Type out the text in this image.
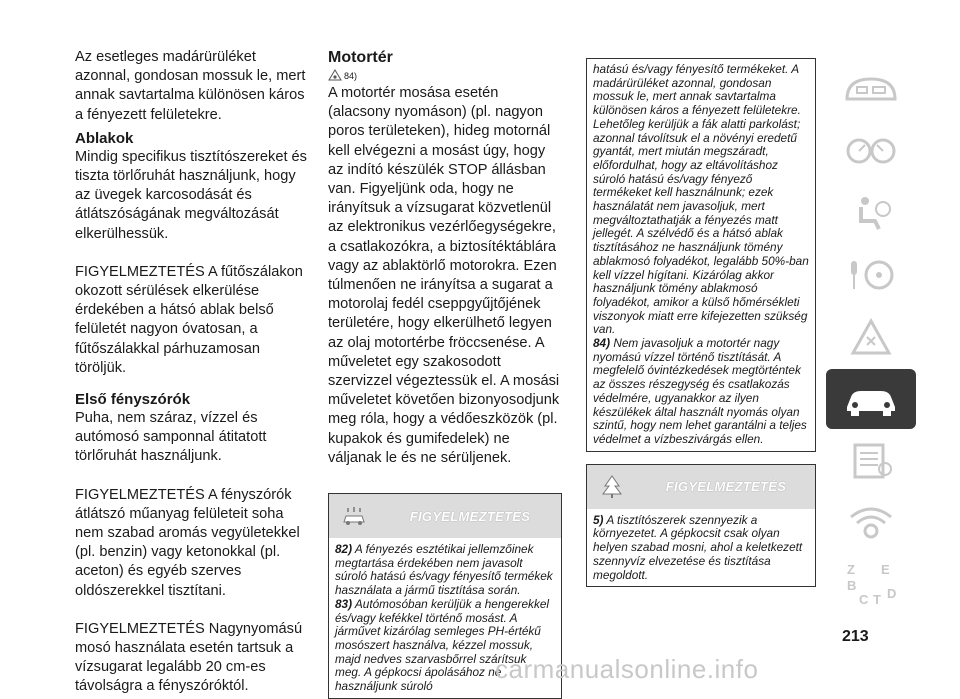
Az esetleges madárürüléket azonnal, gondosan mossuk le, mert annak savtartalma különösen káros a fényezett felületekre.

Ablakok

Mindig specifikus tisztítószereket és tiszta törlőruhát használjunk, hogy az üvegek karcosodását és átlátszóságának megváltozását elkerülhessük.

FIGYELMEZTETÉS A fűtőszálakon okozott sérülések elkerülése érdekében a hátsó ablak belső felületét nagyon óvatosan, a fűtőszálakkal párhuzamosan töröljük.

Első fényszórók

Puha, nem száraz, vízzel és autómosó samponnal átitatott törlőruhát használjunk.

FIGYELMEZTETÉS A fényszórók átlátszó műanyag felületeit soha nem szabad aromás vegyületekkel (pl. benzin) vagy ketonokkal (pl. aceton) és egyéb szerves oldószerekkel tisztítani.

FIGYELMEZTETÉS Nagynyomású mosó használata esetén tartsuk a vízsugarat legalább 20 cm-es távolságra a fényszóróktól.

Motortér

84)

A motortér mosása esetén (alacsony nyomáson) (pl. nagyon poros területeken), hideg motornál kell elvégezni a mosást úgy, hogy az indító készülék STOP állásban van. Figyeljünk oda, hogy ne irányítsuk a vízsugarat közvetlenül az elektronikus vezérlőegységekre, a csatlakozókra, a biztosítéktáblára vagy az ablaktörlő motorokra. Ezen túlmenően ne irányítsa a sugarat a motorolaj fedél cseppgyűjtőjének területére, hogy elkerülhető legyen az olaj motortérbe fröccsenése. A műveletet egy szakosodott szervizzel végeztessük el. A mosási műveletet követően bizonyosodjunk meg róla, hogy a védőeszközök (pl. kupakok és gumifedelek) ne váljanak le és ne sérüljenek.

FIGYELMEZTETÉS

82) A fényezés esztétikai jellemzőinek megtartása érdekében nem javasolt súroló hatású és/vagy fényesítő termékek használata a jármű tisztítása során.

83) Autómosóban kerüljük a hengerekkel és/vagy kefékkel történő mosást. A járművet kizárólag semleges PH-értékű mosószert használva, kézzel mossuk, majd nedves szarvasbőrrel szárítsuk meg. A gépkocsi ápolásához ne használjunk súroló

hatású és/vagy fényesítő termékeket. A madárürüléket azonnal, gondosan mossuk le, mert annak savtartalma különösen káros a fényezett felületekre. Lehetőleg kerüljük a fák alatti parkolást; azonnal távolítsuk el a növényi eredetű gyantát, mert miután megszáradt, előfordulhat, hogy az eltávolításhoz súroló hatású és/vagy fényező termékeket kell használnunk; ezek használatát nem javasoljuk, mert megváltoztathatják a fényezés matt jellegét. A szélvédő és a hátsó ablak tisztításához ne használjunk tömény ablakmosó folyadékot, legalább 50%-ban kell vízzel hígítani. Kizárólag akkor használjunk tömény ablakmosó folyadékot, amikor a külső hőmérsékleti viszonyok miatt erre kifejezetten szükség van.

84) Nem javasoljuk a motortér nagy nyomású vízzel történő tisztítását. A megfelelő óvintézkedések megtörténtek az összes részegység és csatlakozás védelmére, ugyanakkor az ilyen készülékek által használt nyomás olyan szintű, hogy nem lehet garantálni a teljes védelmet a vízbeszivárgás ellen.

FIGYELMEZTETÉS

5) A tisztítószerek szennyezik a környezetet. A gépkocsit csak olyan helyen szabad mosni, ahol a keletkezett szennyvíz elvezetése és tisztítása megoldott.	Z E
B
C T D
213
carmanualsonline.info
